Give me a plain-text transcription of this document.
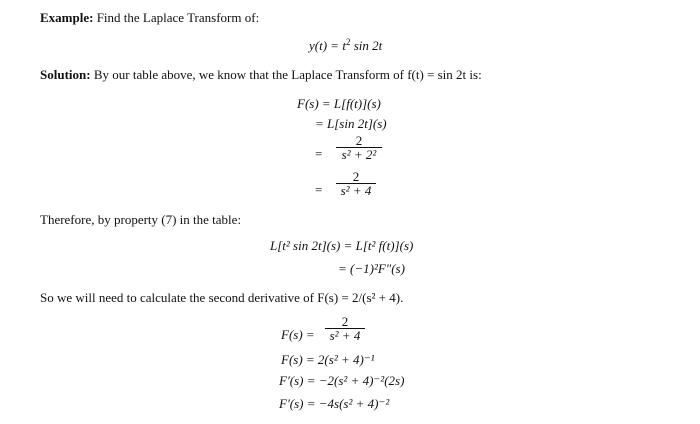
Example: Find the Laplace Transform of:
$y(t) = t^2$ sin 2t
Solution: By our table above, we know that the Laplace Transform of f(t) = sin 2t is:
F(s) = L[f(t)](s)
= L[sin 2t](s)
= $\frac{2}{\text{s² + 2²}}$
= $\frac{2}{\text{s² + 4}}$
Therefore, by property (7) in the table:
L[t² sin 2t](s) = L[t² f(t)](s)
= (−1)²F″(s)
So we will need to calculate the second derivative of F(s) = 2/(s² + 4).
$F(s) = \frac{2}{\text{s² + 4}}$
F(s) = 2(s² + 4)⁻¹
F′(s) = −2(s² + 4)⁻²(2s)
F′(s) = −4s(s² + 4)⁻²
